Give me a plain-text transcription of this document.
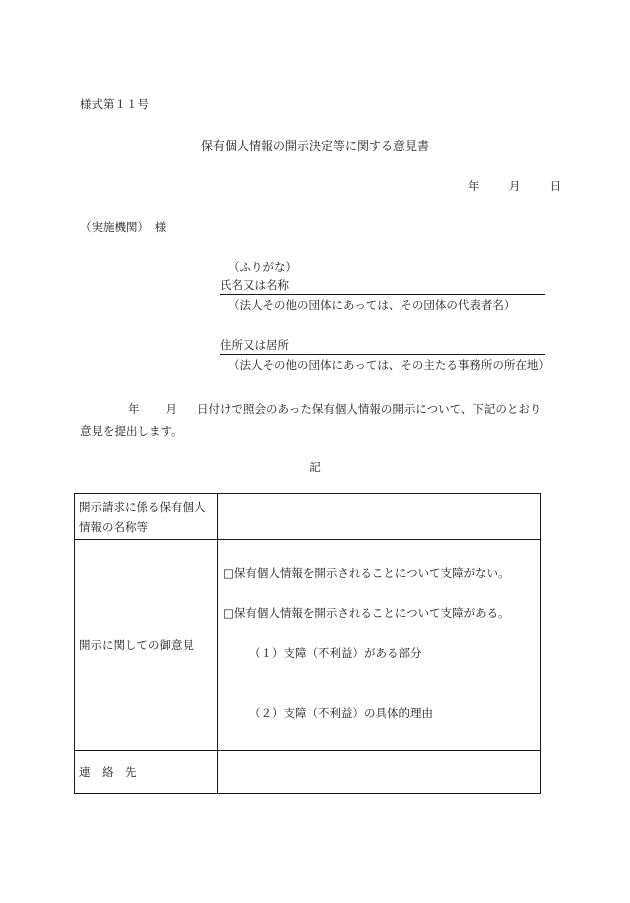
様式第１１号
保有個人情報の開示決定等に関する意見書
年	月	日
（実施機関）　様
（ふりがな）
氏名又は名称
（法人その他の団体にあっては、その団体の代表者名）
住所又は居所
（法人その他の団体にあっては、その主たる事務所の所在地）
年 月 日付けで照会のあった保有個人情報の開示について、下記のとおり意見を提出します。
記
開示請求に係る保有個人情報の名称等	
開示に関しての御意見	□保有個人情報を開示されることについて支障がない。
□保有個人情報を開示されることについて支障がある。
（１）支障（不利益）がある部分
（２）支障（不利益）の具体的理由

連　絡　先	
